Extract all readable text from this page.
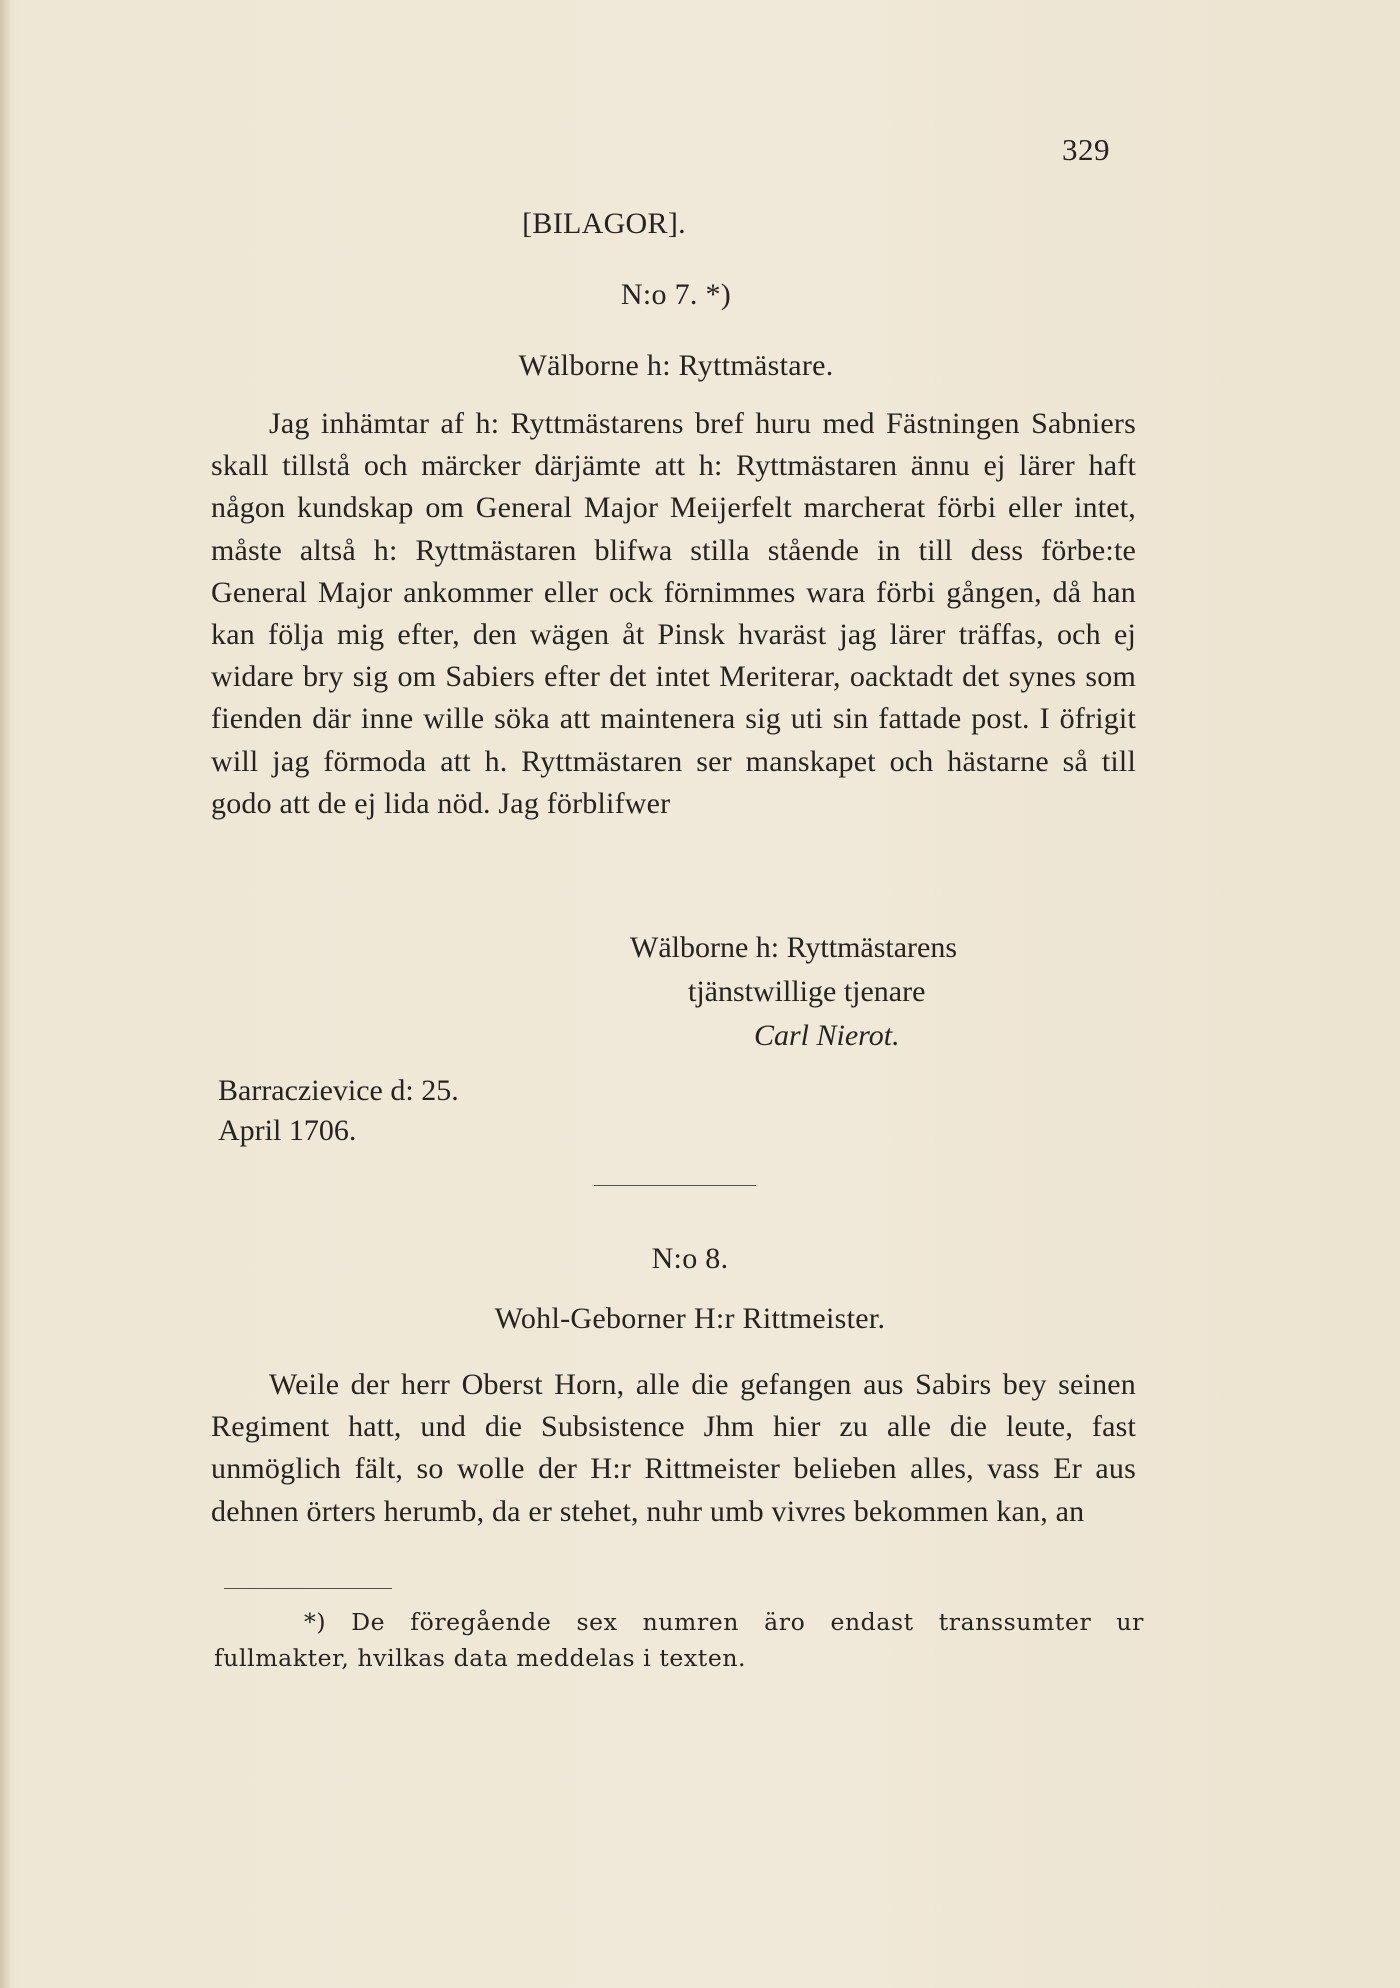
329
[BILAGOR].
N:o 7. *)
Wälborne h: Ryttmästare.
Jag inhämtar af h: Ryttmästarens bref huru med Fästningen Sabniers skall tillstå och märcker därjämte att h: Ryttmästaren ännu ej lärer haft någon kundskap om General Major Meijerfelt marcherat förbi eller intet, måste altså h: Ryttmästaren blifwa stilla stående in till dess förbe:te General Major ankommer eller ock förnimmes wara förbi gången, då han kan följa mig efter, den wägen åt Pinsk hvaräst jag lärer träffas, och ej widare bry sig om Sabiers efter det intet Meriterar, oacktadt det synes som fienden där inne wille söka att maintenera sig uti sin fattade post. I öfrigit will jag förmoda att h. Ryttmästaren ser manskapet och hästarne så till godo att de ej lida nöd. Jag förblifwer
Wälborne h: Ryttmästarens
tjänstwillige tjenare
Carl Nierot.
Barraczievice d: 25.
April 1706.
N:o 8.
Wohl-Geborner H:r Rittmeister.
Weile der herr Oberst Horn, alle die gefangen aus Sabirs bey seinen Regiment hatt, und die Subsistence Jhm hier zu alle die leute, fast unmöglich fält, so wolle der H:r Rittmeister belieben alles, vass Er aus dehnen örters herumb, da er stehet, nuhr umb vivres bekommen kan, an
*) De föregående sex numren äro endast transsumter ur fullmakter, hvilkas data meddelas i texten.
